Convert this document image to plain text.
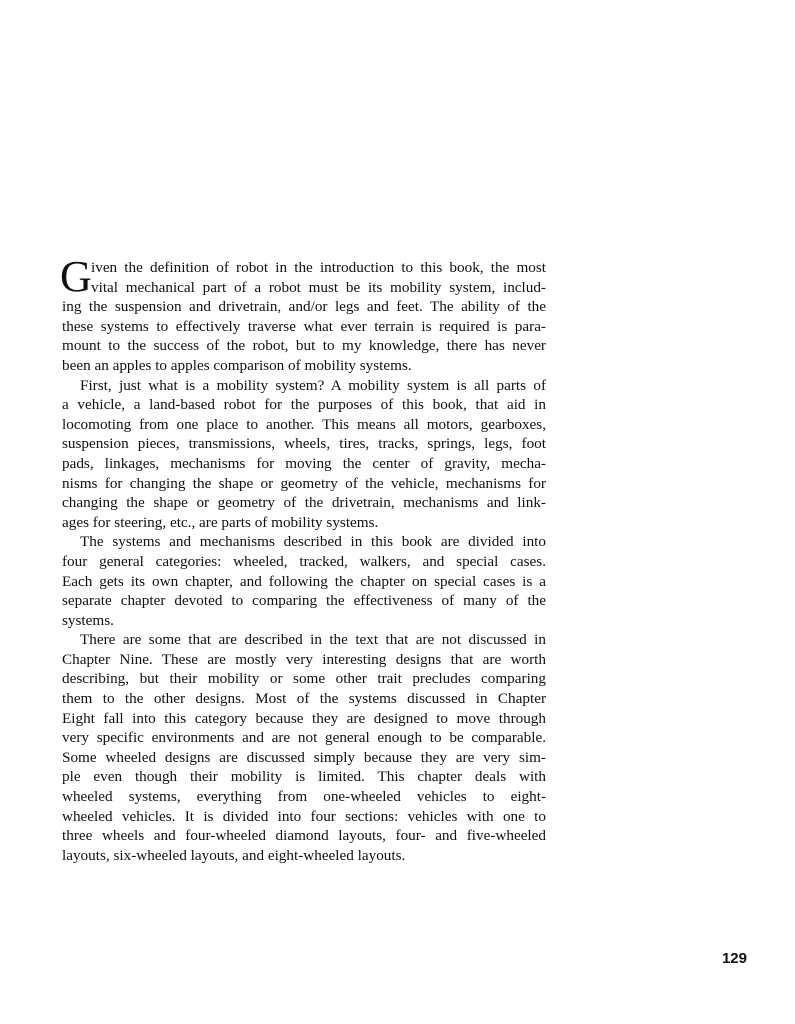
G iven the definition of robot in the introduction to this book, the most
vital mechanical part of a robot must be its mobility system, includ-
ing the suspension and drivetrain, and/or legs and feet. The ability of the
these systems to effectively traverse what ever terrain is required is para-
mount to the success of the robot, but to my knowledge, there has never
been an apples to apples comparison of mobility systems.
First, just what is a mobility system? A mobility system is all parts of
a vehicle, a land-based robot for the purposes of this book, that aid in
locomoting from one place to another. This means all motors, gearboxes,
suspension pieces, transmissions, wheels, tires, tracks, springs, legs, foot
pads, linkages, mechanisms for moving the center of gravity, mecha-
nisms for changing the shape or geometry of the vehicle, mechanisms for
changing the shape or geometry of the drivetrain, mechanisms and link-
ages for steering, etc., are parts of mobility systems.
The systems and mechanisms described in this book are divided into
four general categories: wheeled, tracked, walkers, and special cases.
Each gets its own chapter, and following the chapter on special cases is a
separate chapter devoted to comparing the effectiveness of many of the
systems.
There are some that are described in the text that are not discussed in
Chapter Nine. These are mostly very interesting designs that are worth
describing, but their mobility or some other trait precludes comparing
them to the other designs. Most of the systems discussed in Chapter
Eight fall into this category because they are designed to move through
very specific environments and are not general enough to be comparable.
Some wheeled designs are discussed simply because they are very sim-
ple even though their mobility is limited. This chapter deals with
wheeled systems, everything from one-wheeled vehicles to eight-
wheeled vehicles. It is divided into four sections: vehicles with one to
three wheels and four-wheeled diamond layouts, four- and five-wheeled
layouts, six-wheeled layouts, and eight-wheeled layouts.
129
